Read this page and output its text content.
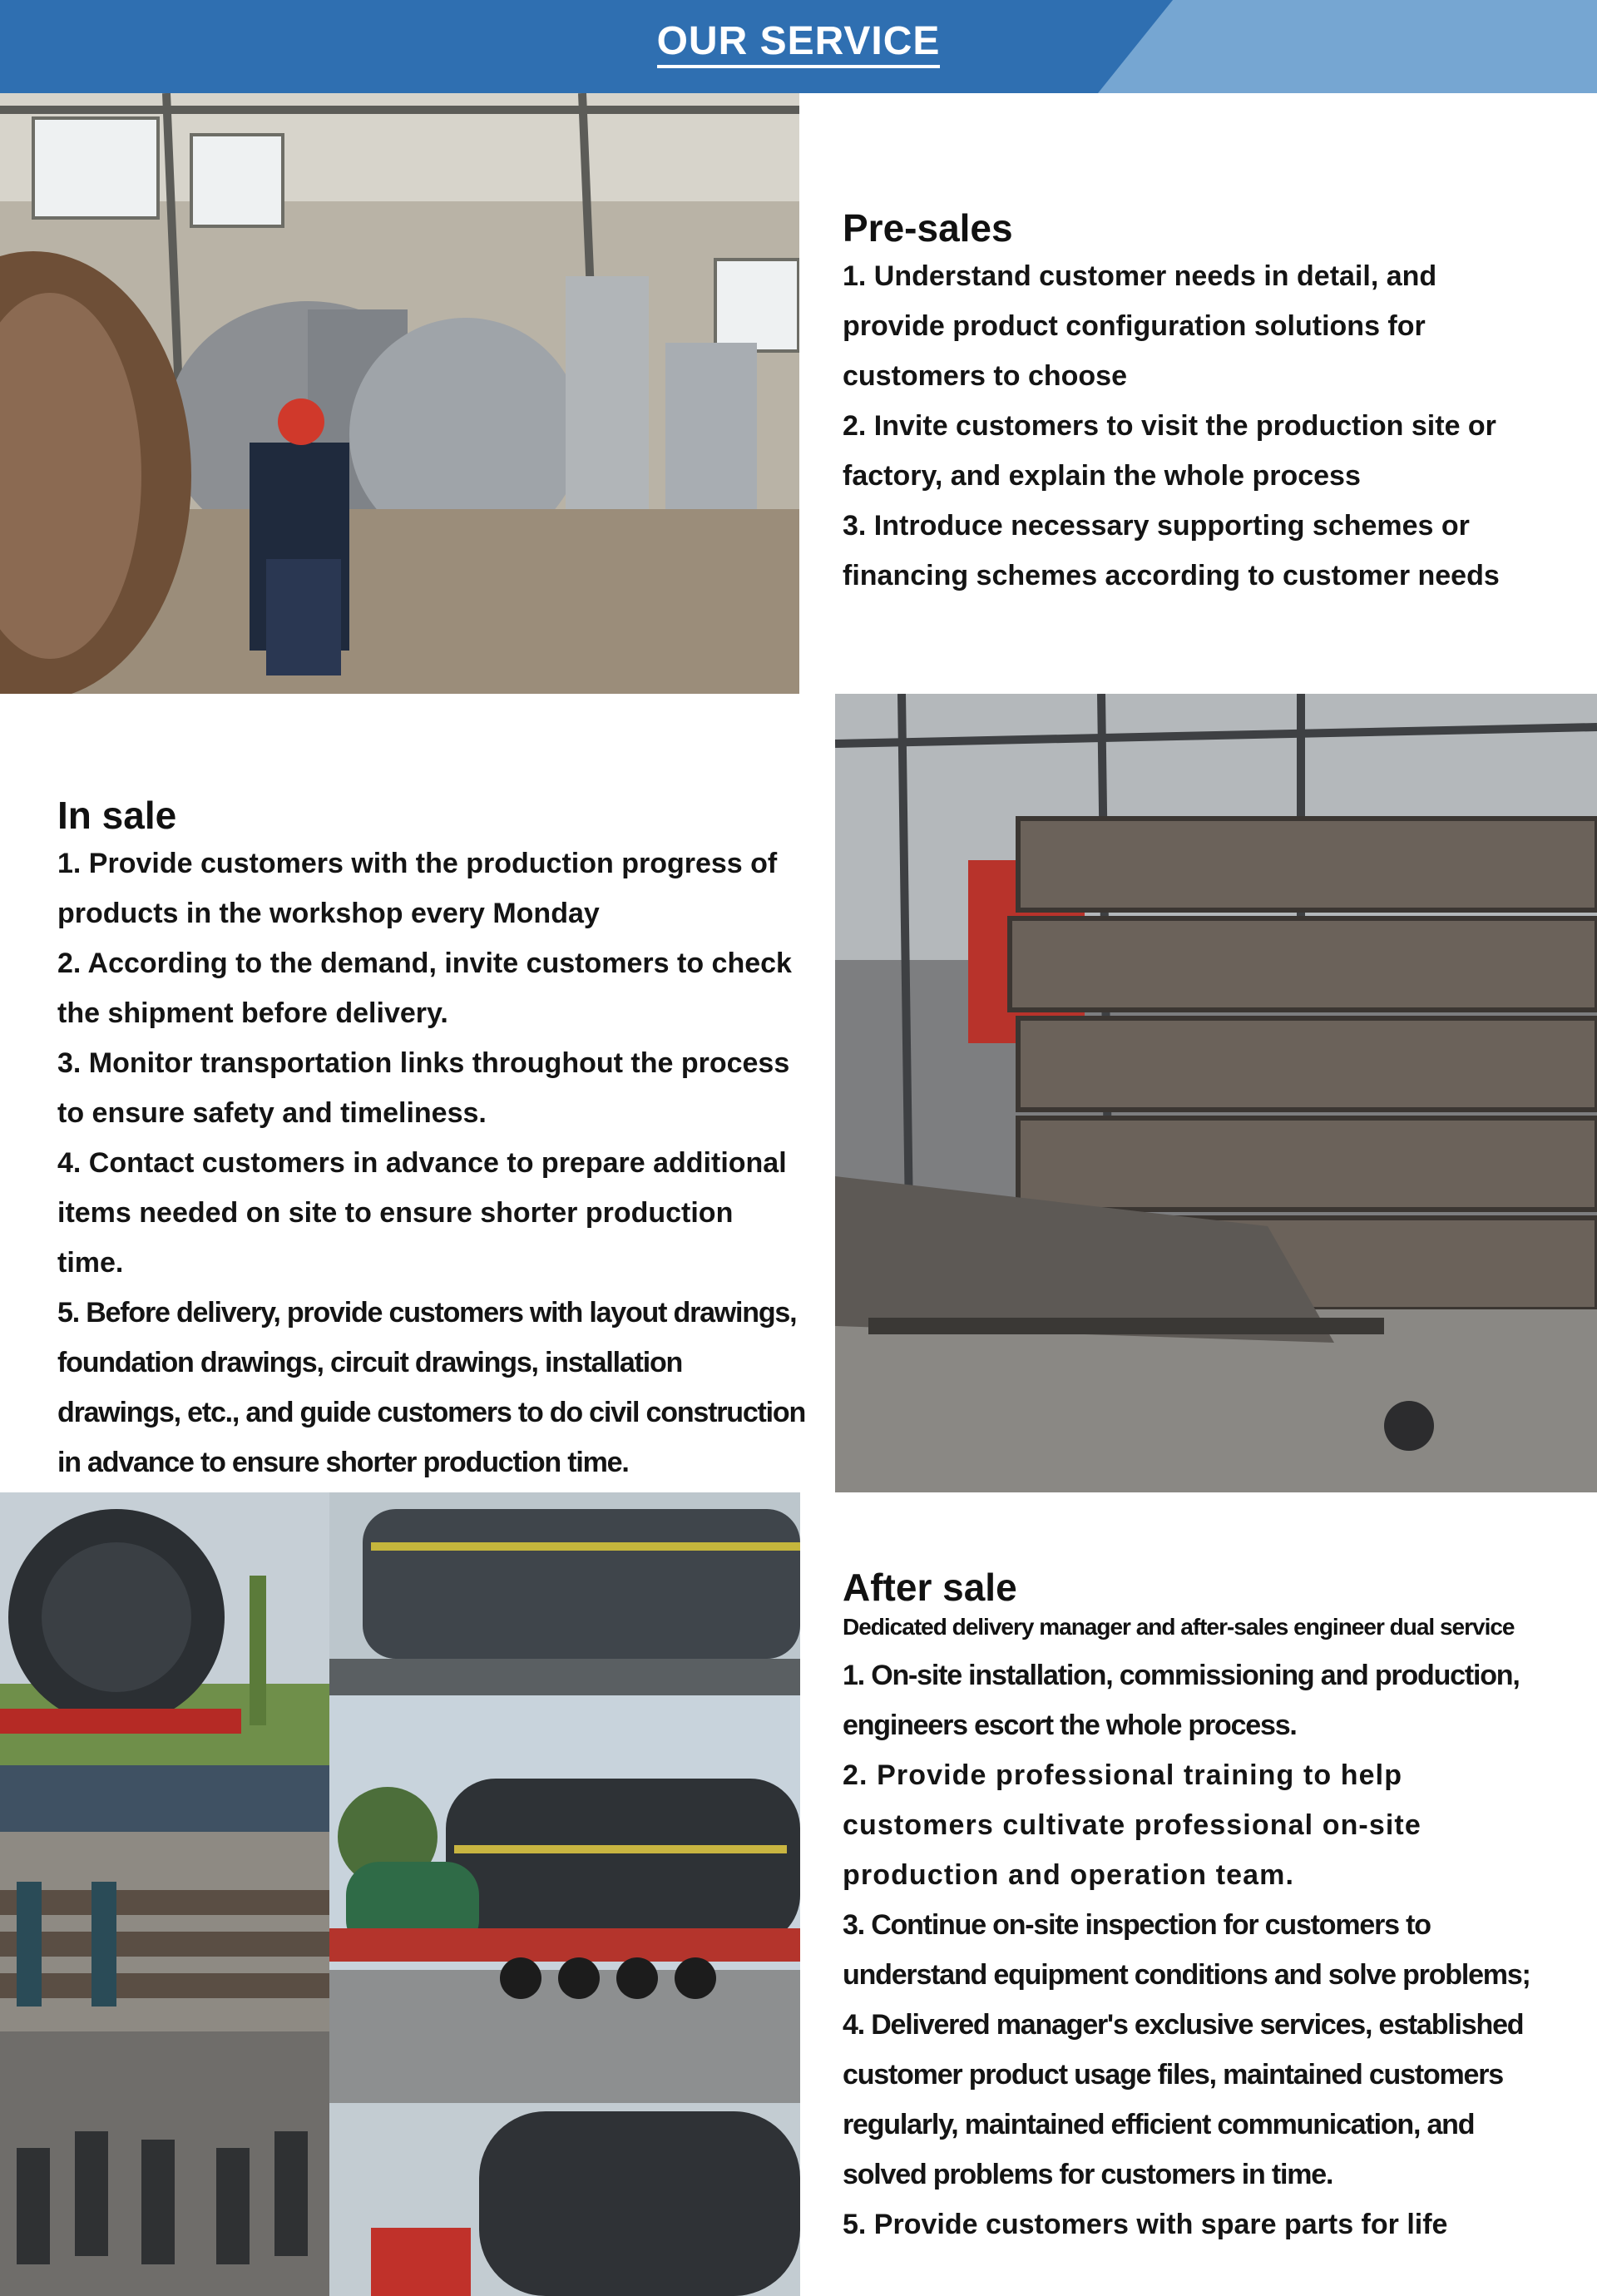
OUR SERVICE
Pre-sales
1. Understand customer needs in detail, and provide product configuration solutions for customers to choose
2. Invite customers to visit the production site or factory, and explain the whole process
3. Introduce necessary supporting schemes or financing schemes according to customer needs
In sale
1. Provide customers with the production progress of products in the workshop every Monday
2. According to the demand, invite customers to check the shipment before delivery.
3. Monitor transportation links throughout the process to ensure safety and timeliness.
4. Contact customers in advance to prepare additional items needed on site to ensure shorter production time.
5. Before delivery, provide customers with layout drawings, foundation drawings, circuit drawings, installation drawings, etc., and guide customers to do civil construction in advance to ensure shorter production time.
After sale
Dedicated delivery manager and after-sales engineer dual service
1. On-site installation, commissioning and production, engineers escort the whole process.
2. Provide professional training to help customers cultivate professional on-site production and operation team.
3. Continue on-site inspection for customers to understand equipment conditions and solve problems;
4. Delivered manager's exclusive services, established customer product usage files, maintained customers regularly, maintained efficient communication, and solved problems for customers in time.
5. Provide customers with spare parts for life
